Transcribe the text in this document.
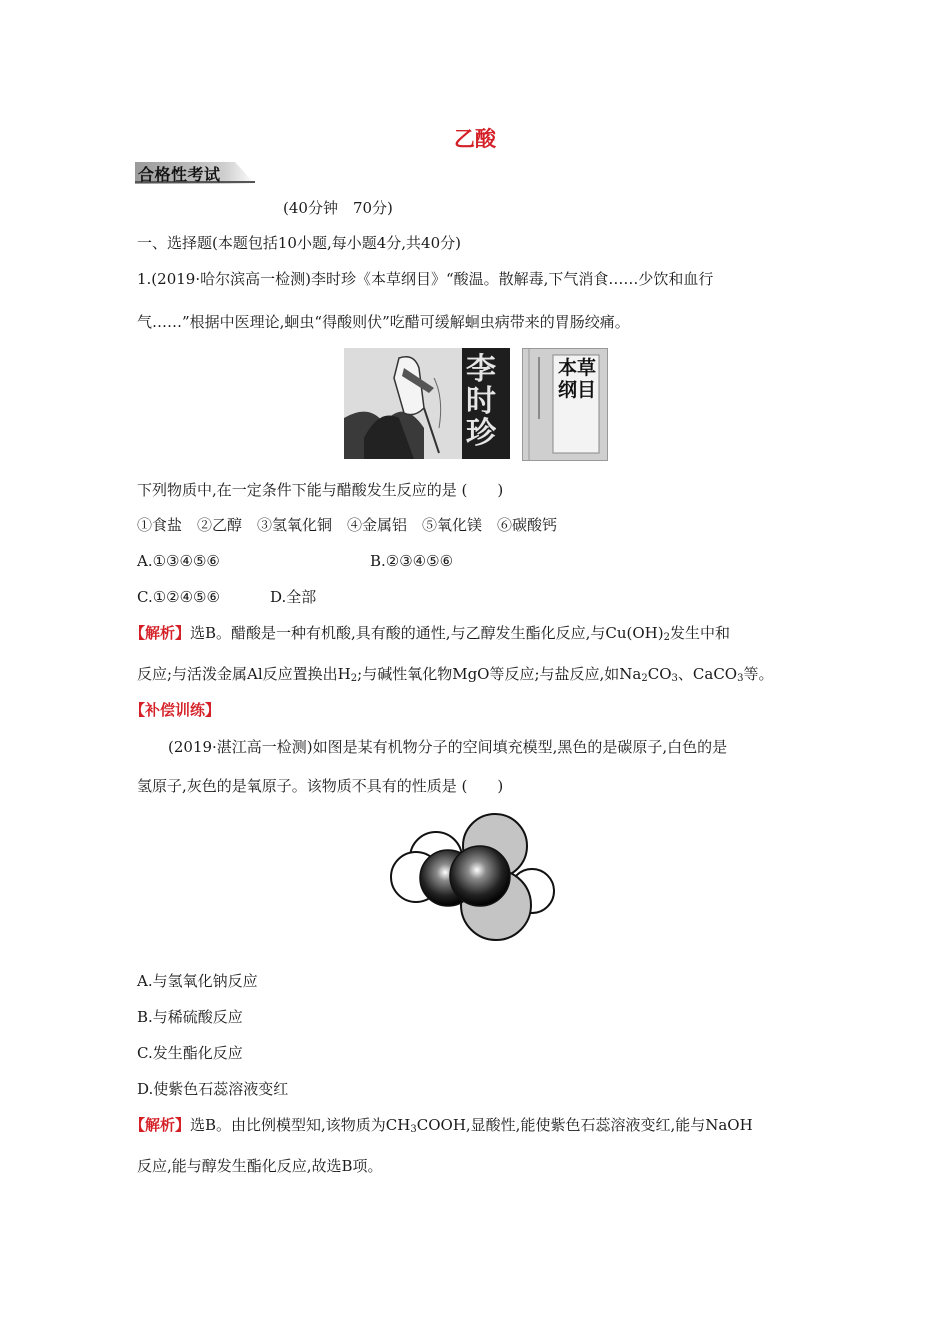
乙酸
合格性考试
(40分钟　70分)
一、选择题(本题包括10小题,每小题4分,共40分)
1.(2019·哈尔滨高一检测)李时珍《本草纲目》“酸温。散解毒,下气消食……少饮和血行
气……”根据中医理论,蛔虫“得酸则伏”吃醋可缓解蛔虫病带来的胃肠绞痛。
李时珍
本草纲目
下列物质中,在一定条件下能与醋酸发生反应的是 (　　)
①食盐　②乙醇　③氢氧化铜　④金属铝　⑤氧化镁　⑥碳酸钙
A.①③④⑤⑥	B.②③④⑤⑥
C.①②④⑤⑥	D.全部
【解析】选B。醋酸是一种有机酸,具有酸的通性,与乙醇发生酯化反应,与$Cu(OH)_2$发生中和
反应;与活泼金属Al反应置换出$H_2$;与碱性氧化物MgO等反应;与盐反应,如$Na_2CO_3$、CaCO$_3$等。
【补偿训练】
(2019·湛江高一检测)如图是某有机物分子的空间填充模型,黑色的是碳原子,白色的是
氢原子,灰色的是氧原子。该物质不具有的性质是 (　　)
A.与氢氧化钠反应
B.与稀硫酸反应
C.发生酯化反应
D.使紫色石蕊溶液变红
【解析】选B。由比例模型知,该物质为$CH_3COOH$,显酸性,能使紫色石蕊溶液变红,能与NaOH
反应,能与醇发生酯化反应,故选B项。
